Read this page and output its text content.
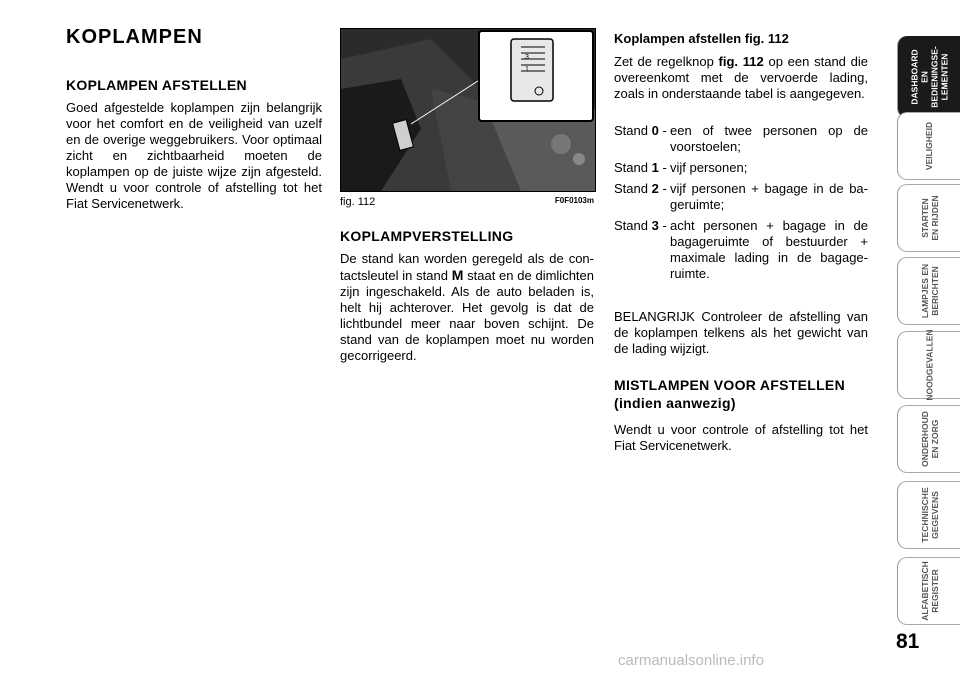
KOPLAMPEN
KOPLAMPEN AFSTELLEN

Goed afgestelde koplampen zijn belangrijk voor het comfort en de veiligheid van uzelf en de overige weggebruikers. Voor optimaal zicht en zichtbaarheid moeten de koplampen op de juiste wijze zijn afgesteld. Wendt u voor controle of afstelling tot het Fiat Servicenetwerk.

3
1
fig. 112	F0F0103m
KOPLAMPVERSTELLING

De stand kan worden geregeld als de contactsleutel in stand M staat en de dimlichten zijn ingeschakeld. Als de auto beladen is, helt hij achterover. Het gevolg is dat de lichtbundel meer naar boven schijnt. De stand van de koplampen moet nu worden gecorrigeerd.

Koplampen afstellen fig. 112

Zet de regelknop fig. 112 op een stand die overeenkomt met de vervoerde lading, zoals in onderstaande tabel is aangegeven.

Stand 0 - een of twee personen op de voorstoelen;
Stand 1 - vijf personen;
Stand 2 - vijf personen + bagage in de bageruimte;
Stand 3 - acht personen + bagage in de bagageruimte of bestuurder + maximale lading in de bagageruimte.

BELANGRIJK Controleer de afstelling van de koplampen telkens als het gewicht van de lading wijzigt.

MISTLAMPEN VOOR AFSTELLEN (indien aanwezig)

Wendt u voor controle of afstelling tot het Fiat Servicenetwerk.

DASHBOARD EN BEDIENINGSE-LEMENTEN
VEILIGHEID
STARTEN EN RIJDEN
LAMPJES EN BERICHTEN
NOODGEVALLEN
ONDERHOUD EN ZORG
TECHNISCHE GEGEVENS
ALFABETISCH REGISTER
81
carmanualsonline.info
